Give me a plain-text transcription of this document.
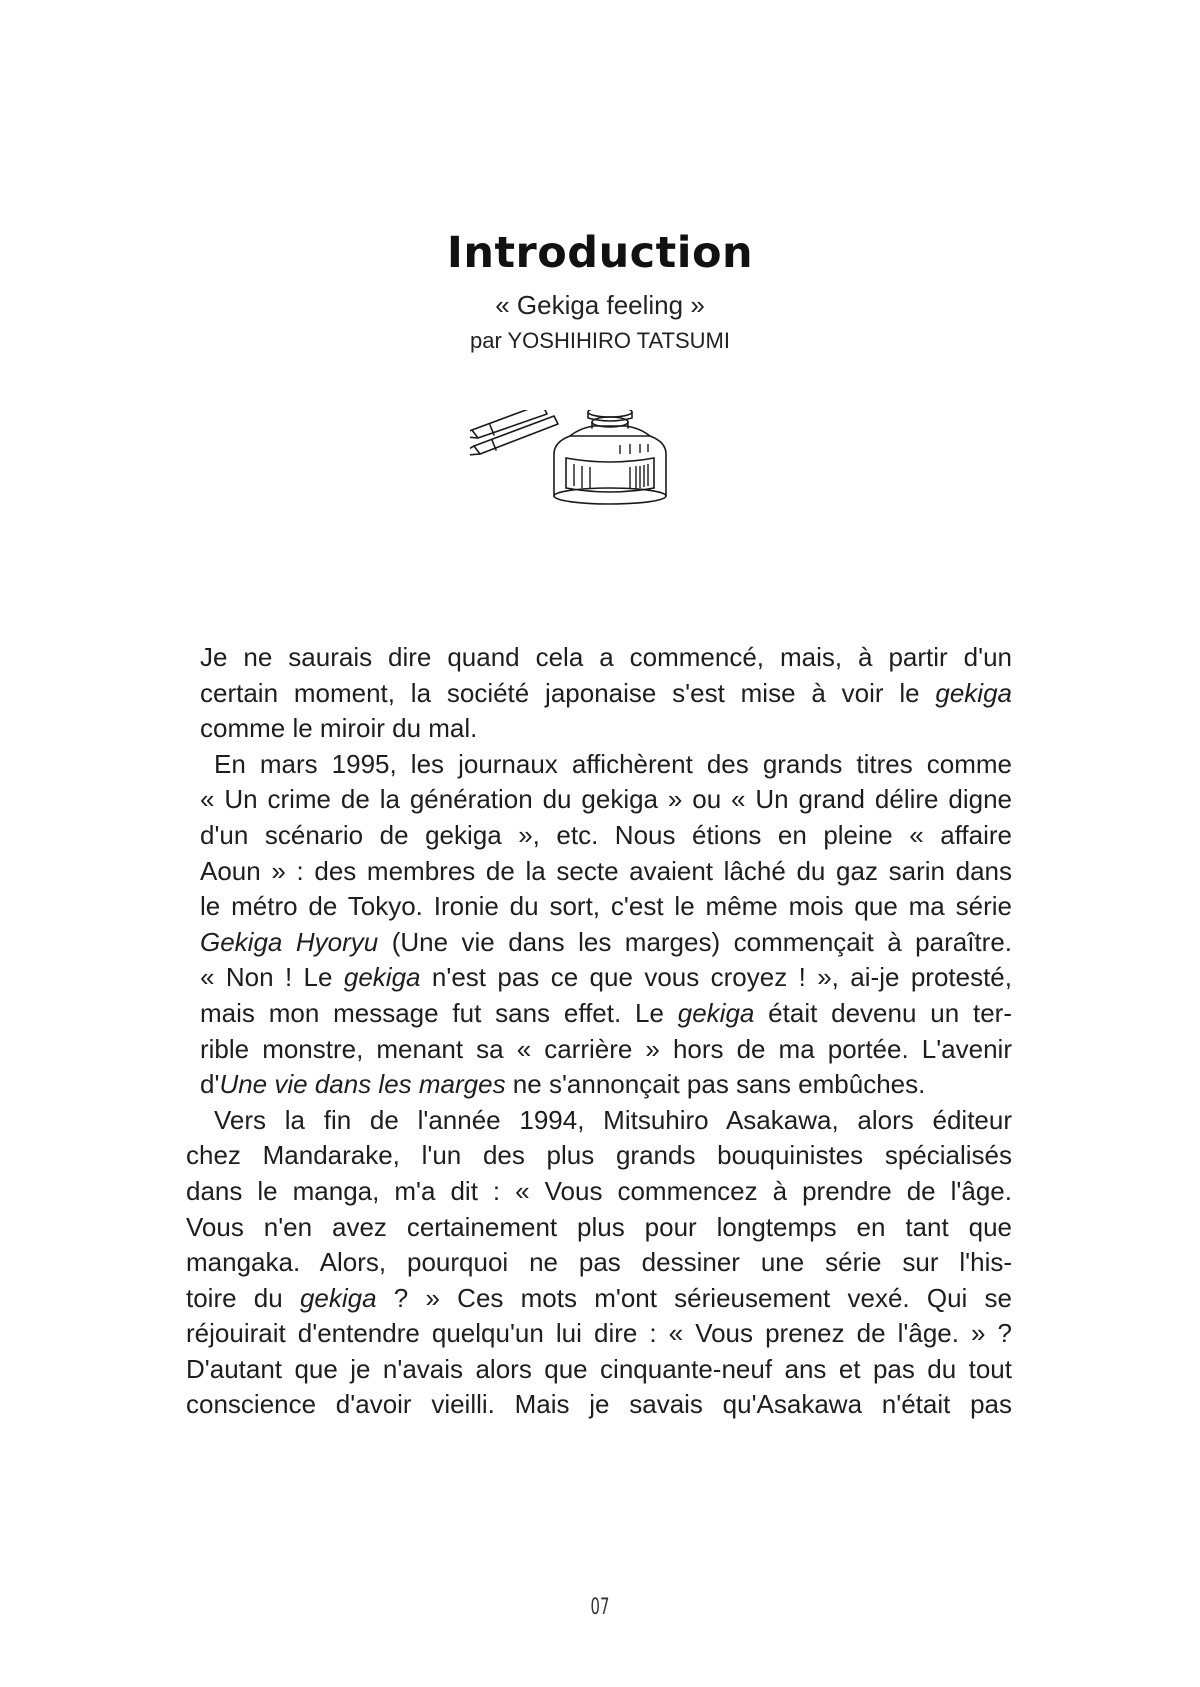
Introduction
« Gekiga feeling »
par YOSHIHIRO TATSUMI
Je ne saurais dire quand cela a commencé, mais, à partir d'un
certain moment, la société japonaise s'est mise à voir le gekiga
comme le miroir du mal.
En mars 1995, les journaux affichèrent des grands titres comme
« Un crime de la génération du gekiga » ou « Un grand délire digne
d'un scénario de gekiga », etc. Nous étions en pleine « affaire
Aoun » : des membres de la secte avaient lâché du gaz sarin dans
le métro de Tokyo. Ironie du sort, c'est le même mois que ma série
Gekiga Hyoryu (Une vie dans les marges) commençait à paraître.
« Non ! Le gekiga n'est pas ce que vous croyez ! », ai-je protesté,
mais mon message fut sans effet. Le gekiga était devenu un ter-
rible monstre, menant sa « carrière » hors de ma portée. L'avenir
d'Une vie dans les marges ne s'annonçait pas sans embûches.
Vers la fin de l'année 1994, Mitsuhiro Asakawa, alors éditeur
chez Mandarake, l'un des plus grands bouquinistes spécialisés
dans le manga, m'a dit : « Vous commencez à prendre de l'âge.
Vous n'en avez certainement plus pour longtemps en tant que
mangaka. Alors, pourquoi ne pas dessiner une série sur l'his-
toire du gekiga ? » Ces mots m'ont sérieusement vexé. Qui se
réjouirait d'entendre quelqu'un lui dire : « Vous prenez de l'âge. » ?
D'autant que je n'avais alors que cinquante-neuf ans et pas du tout
conscience d'avoir vieilli. Mais je savais qu'Asakawa n'était pas
07
